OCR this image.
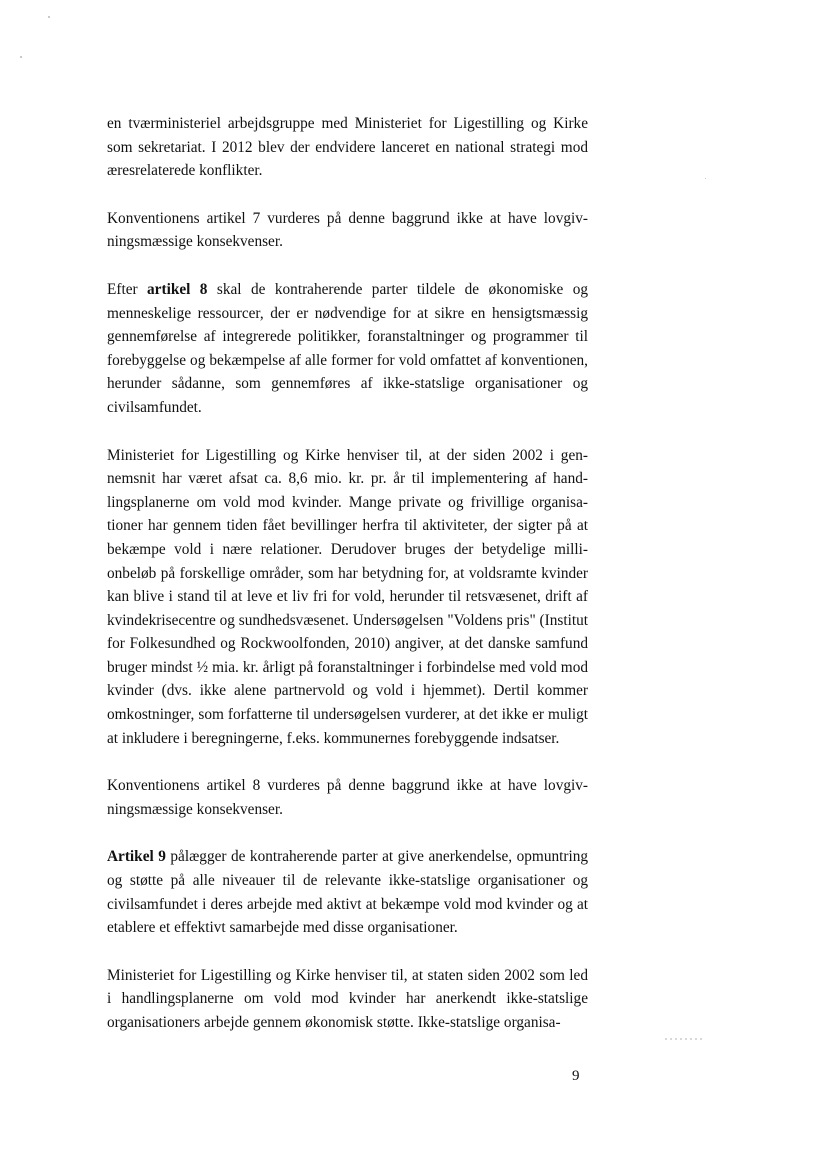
en tværministeriel arbejdsgruppe med Ministeriet for Ligestilling og Kirke som sekretariat. I 2012 blev der endvidere lanceret en national strategi mod æresrelaterede konflikter.

Konventionens artikel 7 vurderes på denne baggrund ikke at have lovgivningsmæssige konsekvenser.

Efter artikel 8 skal de kontraherende parter tildele de økonomiske og menneskelige ressourcer, der er nødvendige for at sikre en hensigtsmæssig gennemførelse af integrerede politikker, foranstaltninger og programmer til forebyggelse og bekæmpelse af alle former for vold omfattet af konventionen, herunder sådanne, som gennemføres af ikke-statslige organisationer og civilsamfundet.

Ministeriet for Ligestilling og Kirke henviser til, at der siden 2002 i gennemsnit har været afsat ca. 8,6 mio. kr. pr. år til implementering af handlingsplanerne om vold mod kvinder. Mange private og frivillige organisationer har gennem tiden fået bevillinger herfra til aktiviteter, der sigter på at bekæmpe vold i nære relationer. Derudover bruges der betydelige millionbeløb på forskellige områder, som har betydning for, at voldsramte kvinder kan blive i stand til at leve et liv fri for vold, herunder til retsvæsenet, drift af kvindekrisecentre og sundhedsvæsenet. Undersøgelsen "Voldens pris" (Institut for Folkesundhed og Rockwoolfonden, 2010) angiver, at det danske samfund bruger mindst ½ mia. kr. årligt på foranstaltninger i forbindelse med vold mod kvinder (dvs. ikke alene partnervold og vold i hjemmet). Dertil kommer omkostninger, som forfatterne til undersøgelsen vurderer, at det ikke er muligt at inkludere i beregningerne, f.eks. kommunernes forebyggende indsatser.

Konventionens artikel 8 vurderes på denne baggrund ikke at have lovgivningsmæssige konsekvenser.

Artikel 9 pålægger de kontraherende parter at give anerkendelse, opmuntring og støtte på alle niveauer til de relevante ikke-statslige organisationer og civilsamfundet i deres arbejde med aktivt at bekæmpe vold mod kvinder og at etablere et effektivt samarbejde med disse organisationer.

Ministeriet for Ligestilling og Kirke henviser til, at staten siden 2002 som led i handlingsplanerne om vold mod kvinder har anerkendt ikke-statslige organisationers arbejde gennem økonomisk støtte. Ikke-statslige organisa-

9
